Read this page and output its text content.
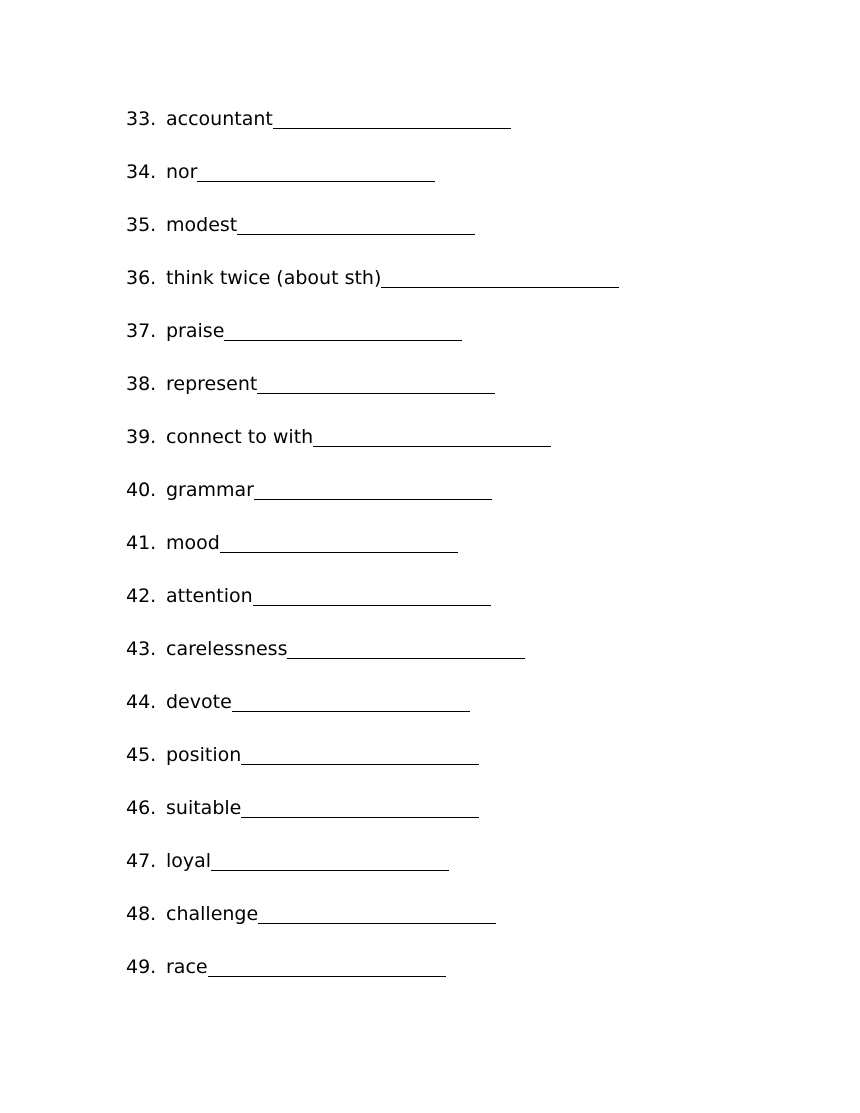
33. accountant
34. nor
35. modest
36. think twice (about sth)
37. praise
38. represent
39. connect to with
40. grammar
41. mood
42. attention
43. carelessness
44. devote
45. position
46. suitable
47. loyal
48. challenge
49. race
